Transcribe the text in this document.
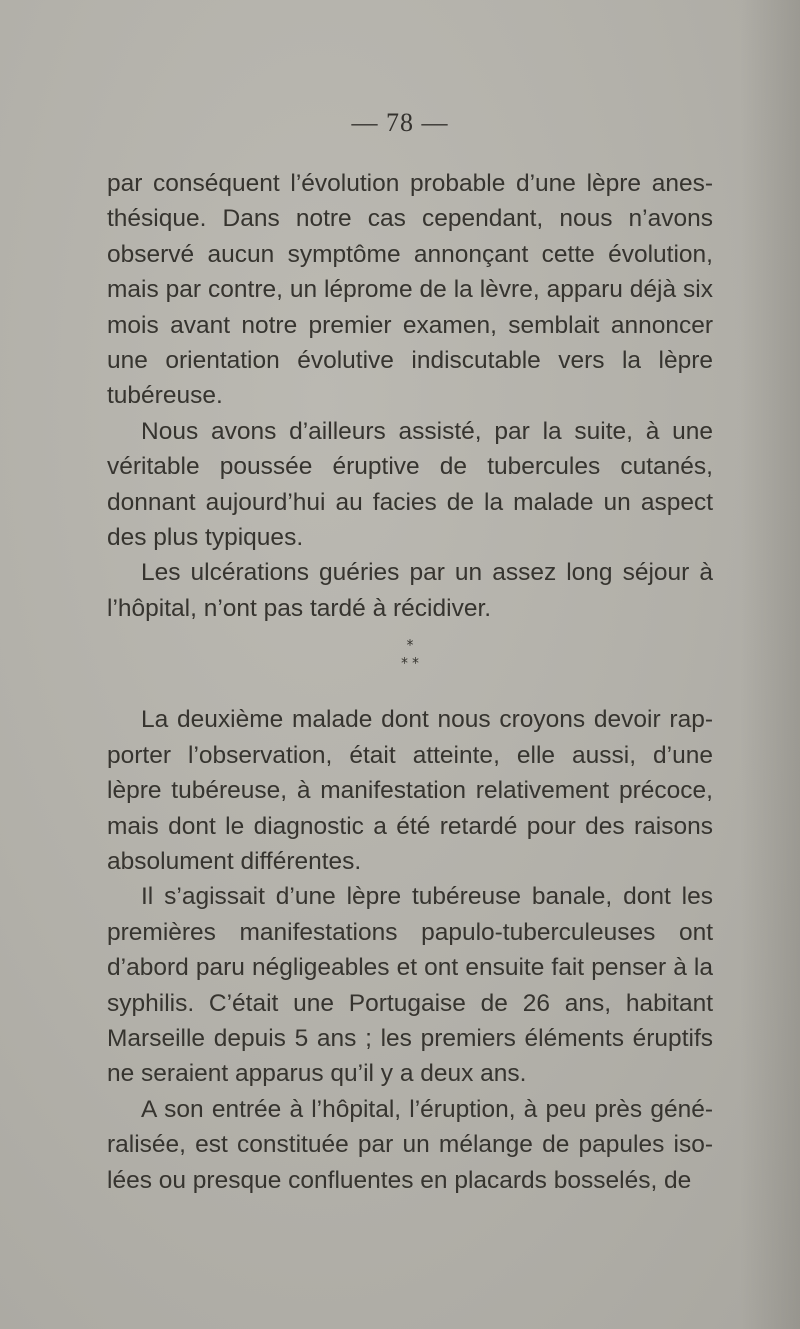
— 78 —

par conséquent l’évolution probable d’une lèpre anesthésique. Dans notre cas cependant, nous n’avons observé aucun symptôme annonçant cette évolution, mais par contre, un léprome de la lèvre, apparu déjà six mois avant notre premier examen, semblait annoncer une orientation évolutive indiscutable vers la lèpre tubéreuse.

Nous avons d’ailleurs assisté, par la suite, à une véritable poussée éruptive de tubercules cutanés, donnant aujourd’hui au facies de la malade un aspect des plus typiques.

Les ulcérations guéries par un assez long séjour à l’hôpital, n’ont pas tardé à récidiver.

*
* *

La deuxième malade dont nous croyons devoir rapporter l’observation, était atteinte, elle aussi, d’une lèpre tubéreuse, à manifestation relativement précoce, mais dont le diagnostic a été retardé pour des raisons absolument différentes.

Il s’agissait d’une lèpre tubéreuse banale, dont les premières manifestations papulo-tuberculeuses ont d’abord paru négligeables et ont ensuite fait penser à la syphilis. C’était une Portugaise de 26 ans, habitant Marseille depuis 5 ans ; les premiers éléments éruptifs ne seraient apparus qu’il y a deux ans.

A son entrée à l’hôpital, l’éruption, à peu près généralisée, est constituée par un mélange de papules isolées ou presque confluentes en placards bosselés, de
